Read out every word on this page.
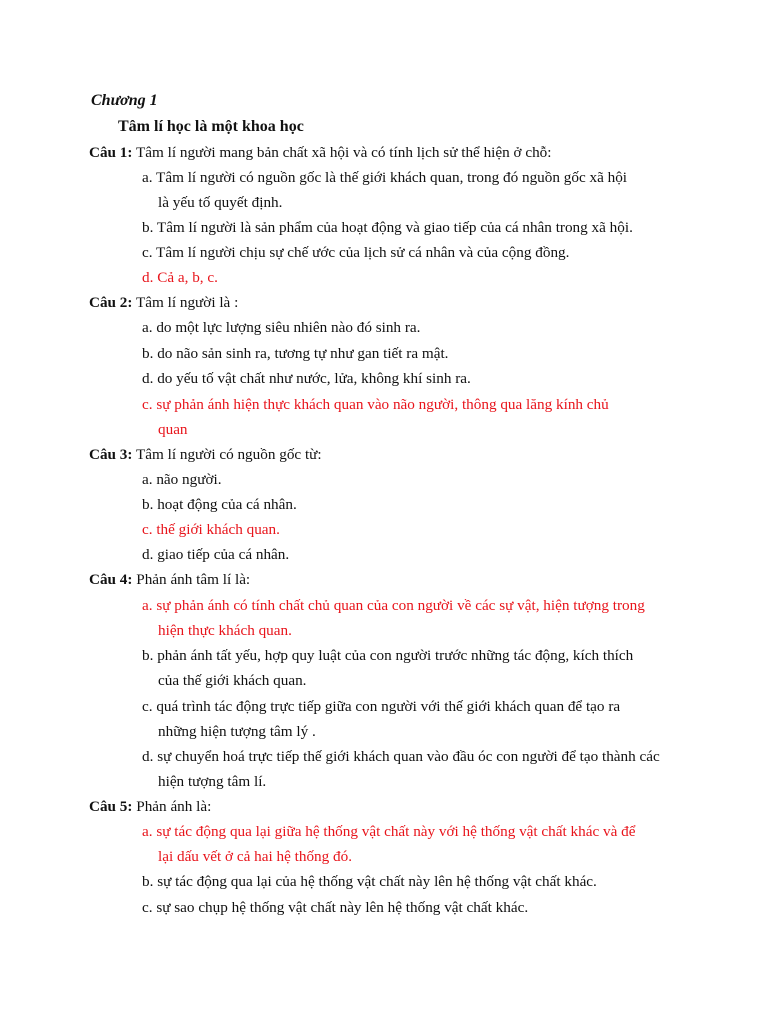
Chương 1
Tâm lí học là một khoa học
Câu 1: Tâm lí người mang bản chất xã hội và có tính lịch sử thể hiện ở chỗ:
a. Tâm lí người có nguồn gốc là thế giới khách quan, trong đó nguồn gốc xã hội
là yếu tố quyết định.
b. Tâm lí người là sản phẩm của hoạt động và giao tiếp của cá nhân trong xã hội.
c. Tâm lí người chịu sự chế ước của lịch sử cá nhân và của cộng đồng.
d. Cả a, b, c.
Câu 2: Tâm lí người là :
a. do một lực lượng siêu nhiên nào đó sinh ra.
b. do não sản sinh ra, tương tự như gan tiết ra mật.
d. do yếu tố vật chất như nước, lửa, không khí sinh ra.
c. sự phản ánh hiện thực khách quan vào não người, thông qua lăng kính chủ
quan
Câu 3: Tâm lí người có nguồn gốc từ:
a. não người.
b. hoạt động của cá nhân.
c. thế giới khách quan.
d. giao tiếp của cá nhân.
Câu 4: Phản ánh tâm lí là:
a. sự phản ánh có tính chất chủ quan của con người về các sự vật, hiện tượng trong
hiện thực khách quan.
b. phản ánh tất yếu, hợp quy luật của con người trước những tác động, kích thích
của thế giới khách quan.
c. quá trình tác động trực tiếp giữa con người với thế giới khách quan để tạo ra
những hiện tượng tâm lý .
d. sự chuyển hoá trực tiếp thế giới khách quan vào đầu óc con người để tạo thành các
hiện tượng tâm lí.
Câu 5: Phản ánh là:
a. sự tác động qua lại giữa hệ thống vật chất này với hệ thống vật chất khác và để
lại dấu vết ở cả hai hệ thống đó.
b. sự tác động qua lại của hệ thống vật chất này lên hệ thống vật chất khác.
c. sự sao chụp hệ thống vật chất này lên hệ thống vật chất khác.
